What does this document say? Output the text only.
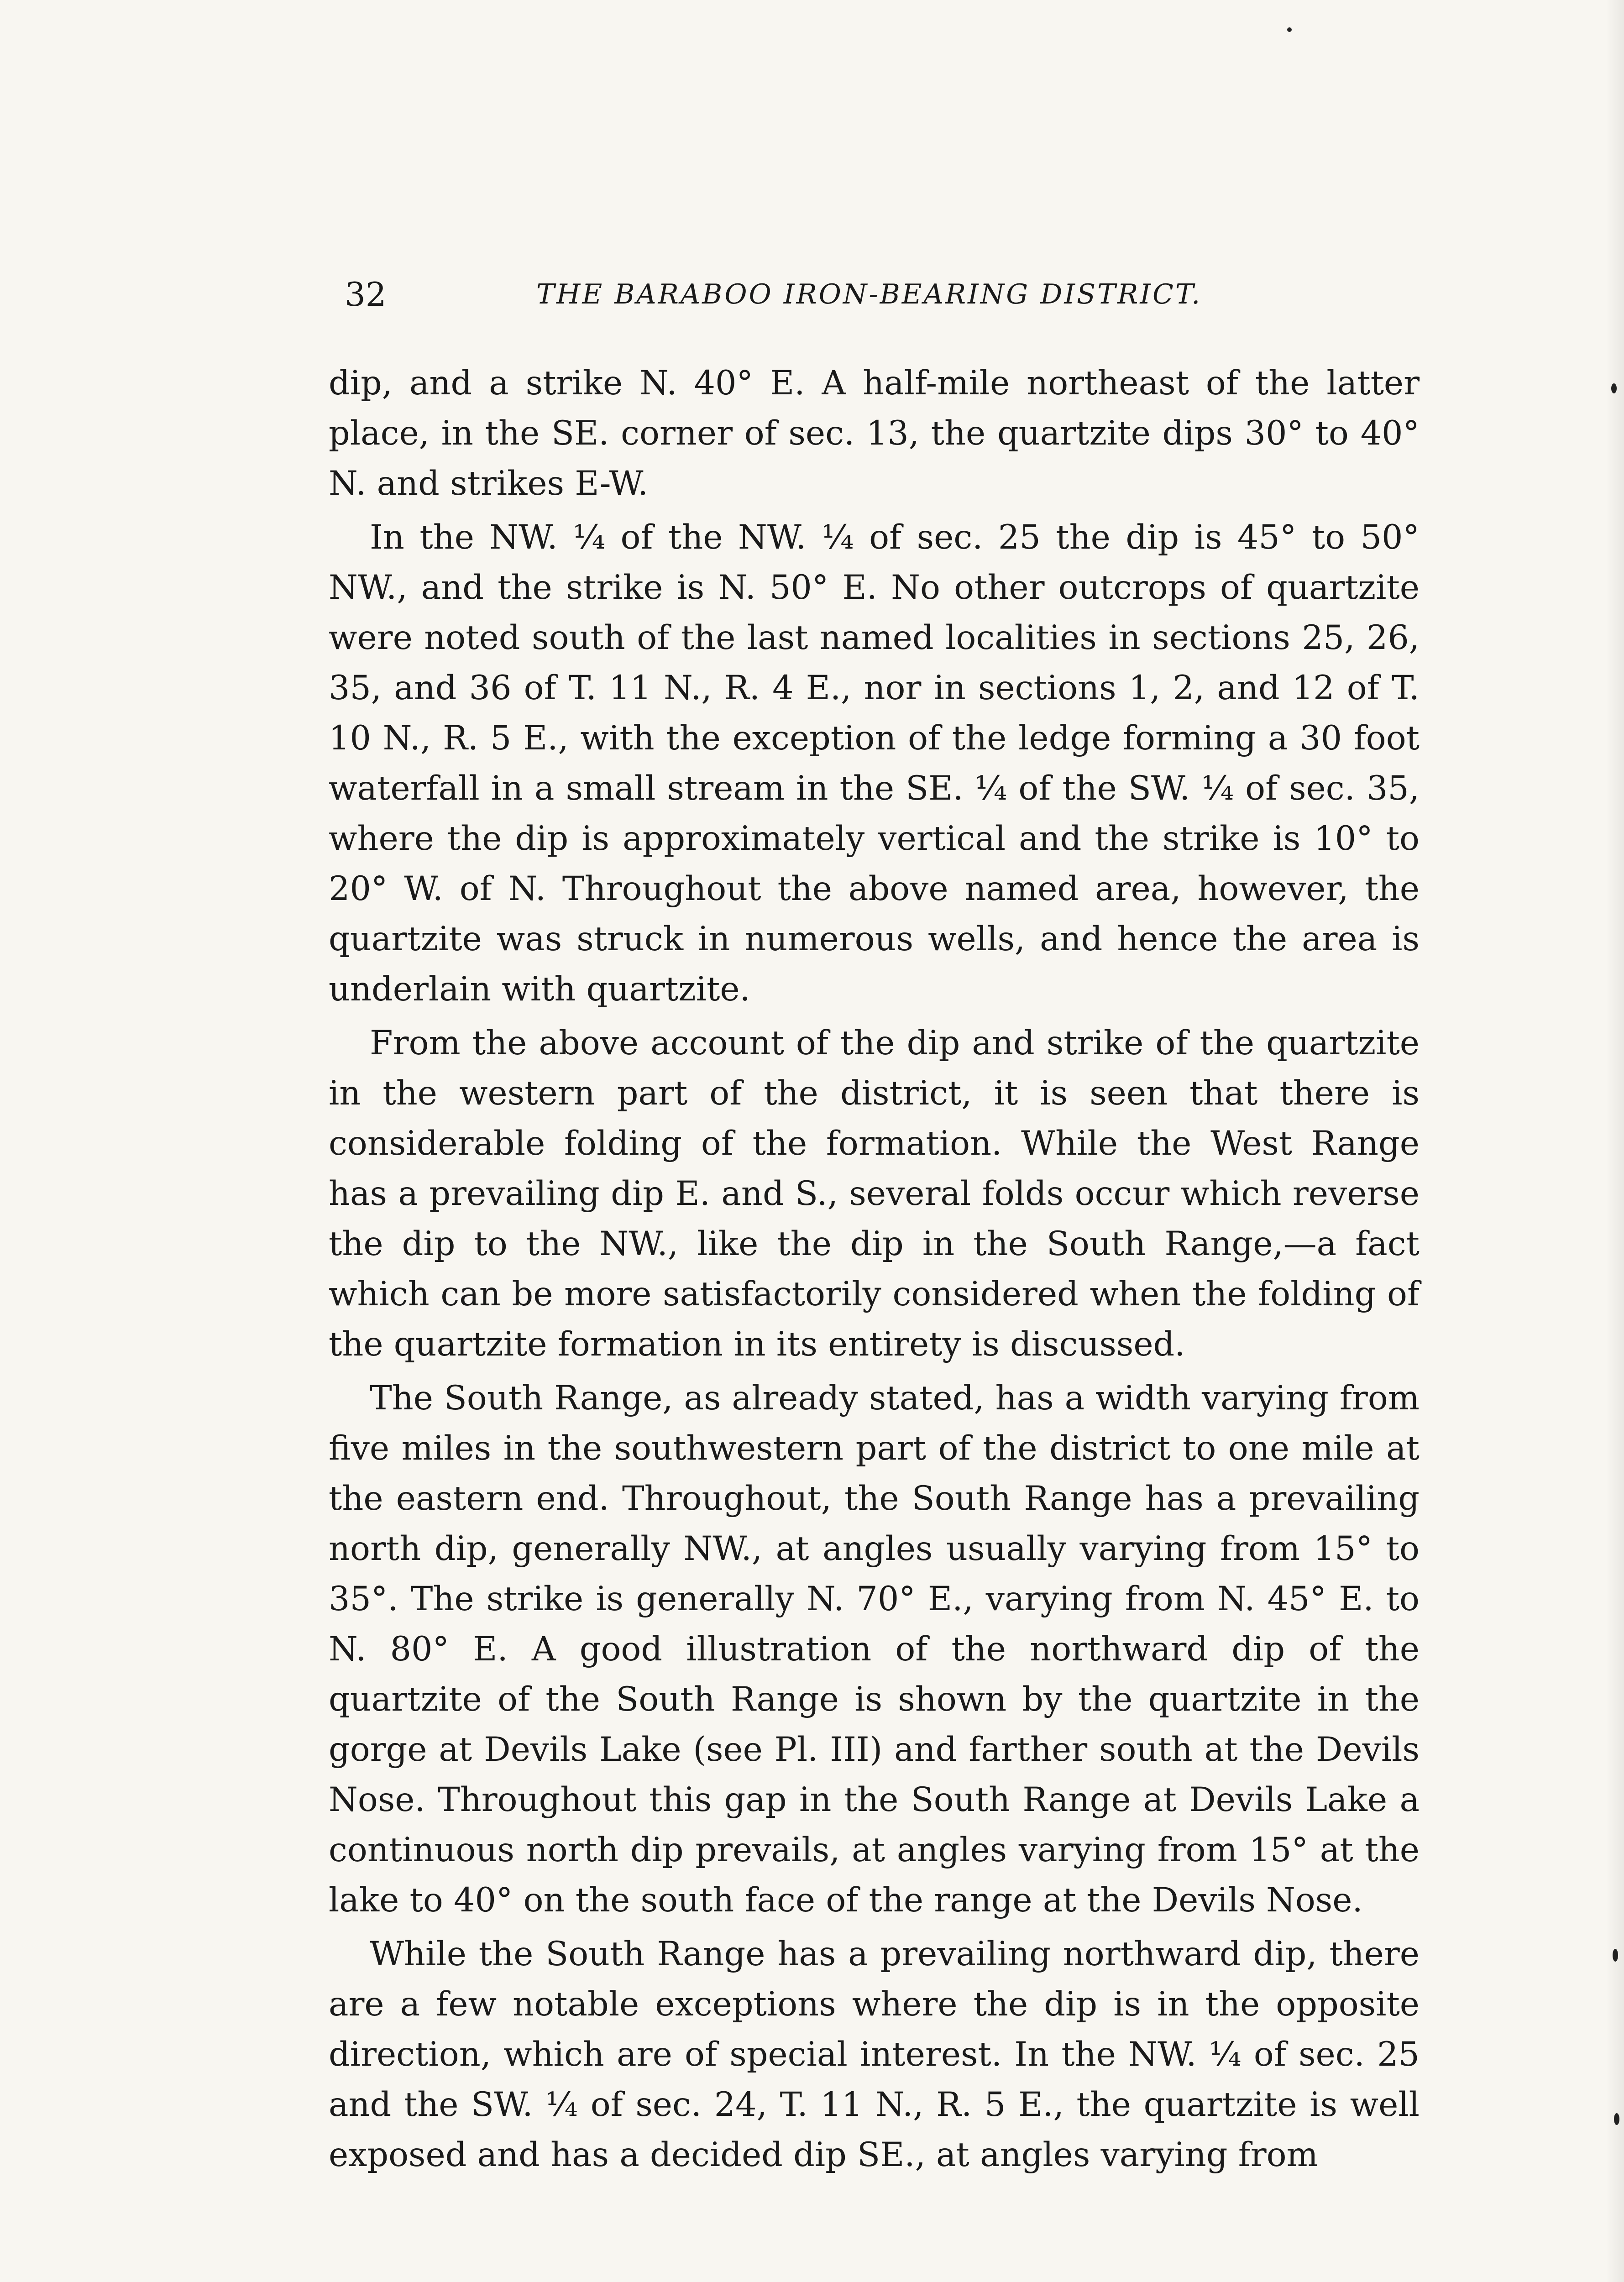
32	THE BARABOO IRON-BEARING DISTRICT.

dip, and a strike N. 40° E. A half-mile northeast of the latter place, in the SE. corner of sec. 13, the quartzite dips 30° to 40° N. and strikes E-W.

In the NW. ¼ of the NW. ¼ of sec. 25 the dip is 45° to 50° NW., and the strike is N. 50° E. No other outcrops of quartzite were noted south of the last named localities in sections 25, 26, 35, and 36 of T. 11 N., R. 4 E., nor in sections 1, 2, and 12 of T. 10 N., R. 5 E., with the exception of the ledge forming a 30 foot waterfall in a small stream in the SE. ¼ of the SW. ¼ of sec. 35, where the dip is approximately vertical and the strike is 10° to 20° W. of N. Throughout the above named area, however, the quartzite was struck in numerous wells, and hence the area is underlain with quartzite.

From the above account of the dip and strike of the quartzite in the western part of the district, it is seen that there is considerable folding of the formation. While the West Range has a prevailing dip E. and S., several folds occur which reverse the dip to the NW., like the dip in the South Range,—a fact which can be more satisfactorily considered when the folding of the quartzite formation in its entirety is discussed.

The South Range, as already stated, has a width varying from five miles in the southwestern part of the district to one mile at the eastern end. Throughout, the South Range has a prevailing north dip, generally NW., at angles usually varying from 15° to 35°. The strike is generally N. 70° E., varying from N. 45° E. to N. 80° E. A good illustration of the northward dip of the quartzite of the South Range is shown by the quartzite in the gorge at Devils Lake (see Pl. III) and farther south at the Devils Nose. Throughout this gap in the South Range at Devils Lake a continuous north dip prevails, at angles varying from 15° at the lake to 40° on the south face of the range at the Devils Nose.

While the South Range has a prevailing northward dip, there are a few notable exceptions where the dip is in the opposite direction, which are of special interest. In the NW. ¼ of sec. 25 and the SW. ¼ of sec. 24, T. 11 N., R. 5 E., the quartzite is well exposed and has a decided dip SE., at angles varying from
